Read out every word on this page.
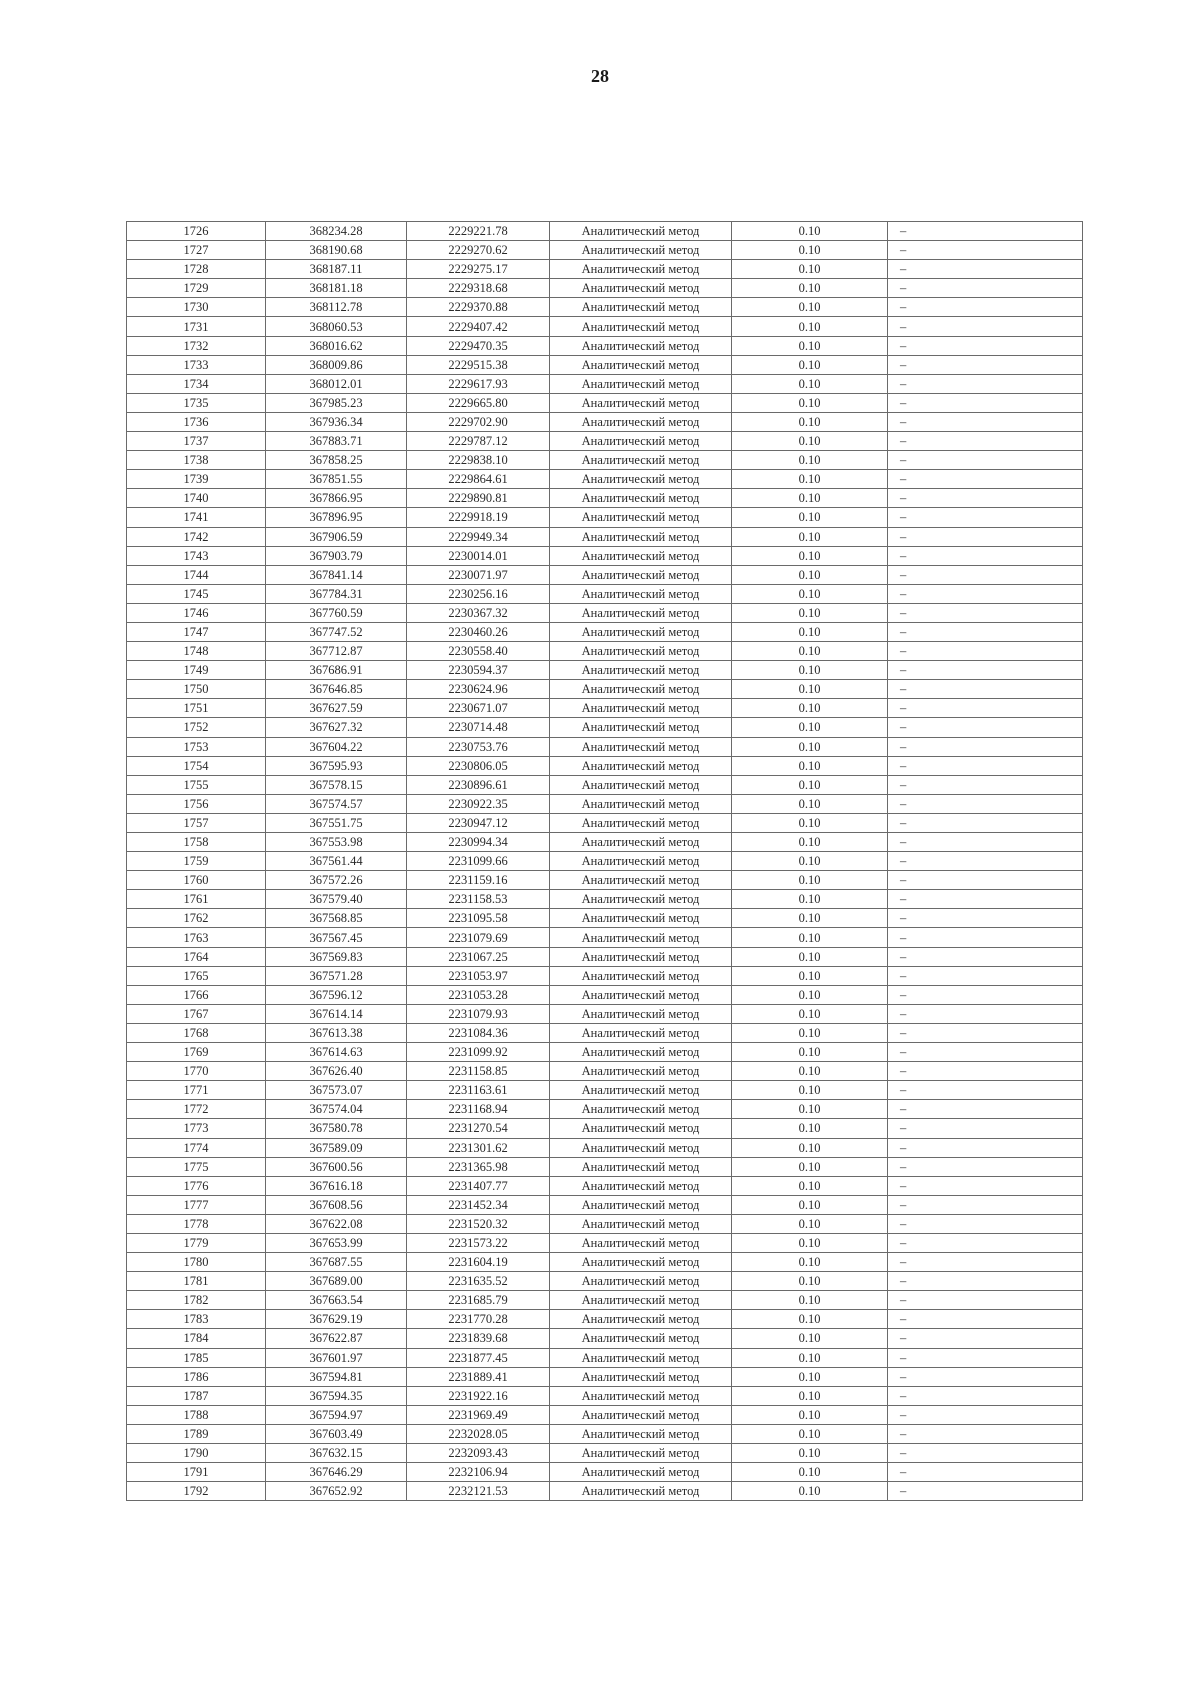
28
1726	368234.28	2229221.78	Аналитический метод	0.10	–
1727	368190.68	2229270.62	Аналитический метод	0.10	–
1728	368187.11	2229275.17	Аналитический метод	0.10	–
1729	368181.18	2229318.68	Аналитический метод	0.10	–
1730	368112.78	2229370.88	Аналитический метод	0.10	–
1731	368060.53	2229407.42	Аналитический метод	0.10	–
1732	368016.62	2229470.35	Аналитический метод	0.10	–
1733	368009.86	2229515.38	Аналитический метод	0.10	–
1734	368012.01	2229617.93	Аналитический метод	0.10	–
1735	367985.23	2229665.80	Аналитический метод	0.10	–
1736	367936.34	2229702.90	Аналитический метод	0.10	–
1737	367883.71	2229787.12	Аналитический метод	0.10	–
1738	367858.25	2229838.10	Аналитический метод	0.10	–
1739	367851.55	2229864.61	Аналитический метод	0.10	–
1740	367866.95	2229890.81	Аналитический метод	0.10	–
1741	367896.95	2229918.19	Аналитический метод	0.10	–
1742	367906.59	2229949.34	Аналитический метод	0.10	–
1743	367903.79	2230014.01	Аналитический метод	0.10	–
1744	367841.14	2230071.97	Аналитический метод	0.10	–
1745	367784.31	2230256.16	Аналитический метод	0.10	–
1746	367760.59	2230367.32	Аналитический метод	0.10	–
1747	367747.52	2230460.26	Аналитический метод	0.10	–
1748	367712.87	2230558.40	Аналитический метод	0.10	–
1749	367686.91	2230594.37	Аналитический метод	0.10	–
1750	367646.85	2230624.96	Аналитический метод	0.10	–
1751	367627.59	2230671.07	Аналитический метод	0.10	–
1752	367627.32	2230714.48	Аналитический метод	0.10	–
1753	367604.22	2230753.76	Аналитический метод	0.10	–
1754	367595.93	2230806.05	Аналитический метод	0.10	–
1755	367578.15	2230896.61	Аналитический метод	0.10	–
1756	367574.57	2230922.35	Аналитический метод	0.10	–
1757	367551.75	2230947.12	Аналитический метод	0.10	–
1758	367553.98	2230994.34	Аналитический метод	0.10	–
1759	367561.44	2231099.66	Аналитический метод	0.10	–
1760	367572.26	2231159.16	Аналитический метод	0.10	–
1761	367579.40	2231158.53	Аналитический метод	0.10	–
1762	367568.85	2231095.58	Аналитический метод	0.10	–
1763	367567.45	2231079.69	Аналитический метод	0.10	–
1764	367569.83	2231067.25	Аналитический метод	0.10	–
1765	367571.28	2231053.97	Аналитический метод	0.10	–
1766	367596.12	2231053.28	Аналитический метод	0.10	–
1767	367614.14	2231079.93	Аналитический метод	0.10	–
1768	367613.38	2231084.36	Аналитический метод	0.10	–
1769	367614.63	2231099.92	Аналитический метод	0.10	–
1770	367626.40	2231158.85	Аналитический метод	0.10	–
1771	367573.07	2231163.61	Аналитический метод	0.10	–
1772	367574.04	2231168.94	Аналитический метод	0.10	–
1773	367580.78	2231270.54	Аналитический метод	0.10	–
1774	367589.09	2231301.62	Аналитический метод	0.10	–
1775	367600.56	2231365.98	Аналитический метод	0.10	–
1776	367616.18	2231407.77	Аналитический метод	0.10	–
1777	367608.56	2231452.34	Аналитический метод	0.10	–
1778	367622.08	2231520.32	Аналитический метод	0.10	–
1779	367653.99	2231573.22	Аналитический метод	0.10	–
1780	367687.55	2231604.19	Аналитический метод	0.10	–
1781	367689.00	2231635.52	Аналитический метод	0.10	–
1782	367663.54	2231685.79	Аналитический метод	0.10	–
1783	367629.19	2231770.28	Аналитический метод	0.10	–
1784	367622.87	2231839.68	Аналитический метод	0.10	–
1785	367601.97	2231877.45	Аналитический метод	0.10	–
1786	367594.81	2231889.41	Аналитический метод	0.10	–
1787	367594.35	2231922.16	Аналитический метод	0.10	–
1788	367594.97	2231969.49	Аналитический метод	0.10	–
1789	367603.49	2232028.05	Аналитический метод	0.10	–
1790	367632.15	2232093.43	Аналитический метод	0.10	–
1791	367646.29	2232106.94	Аналитический метод	0.10	–
1792	367652.92	2232121.53	Аналитический метод	0.10	–
